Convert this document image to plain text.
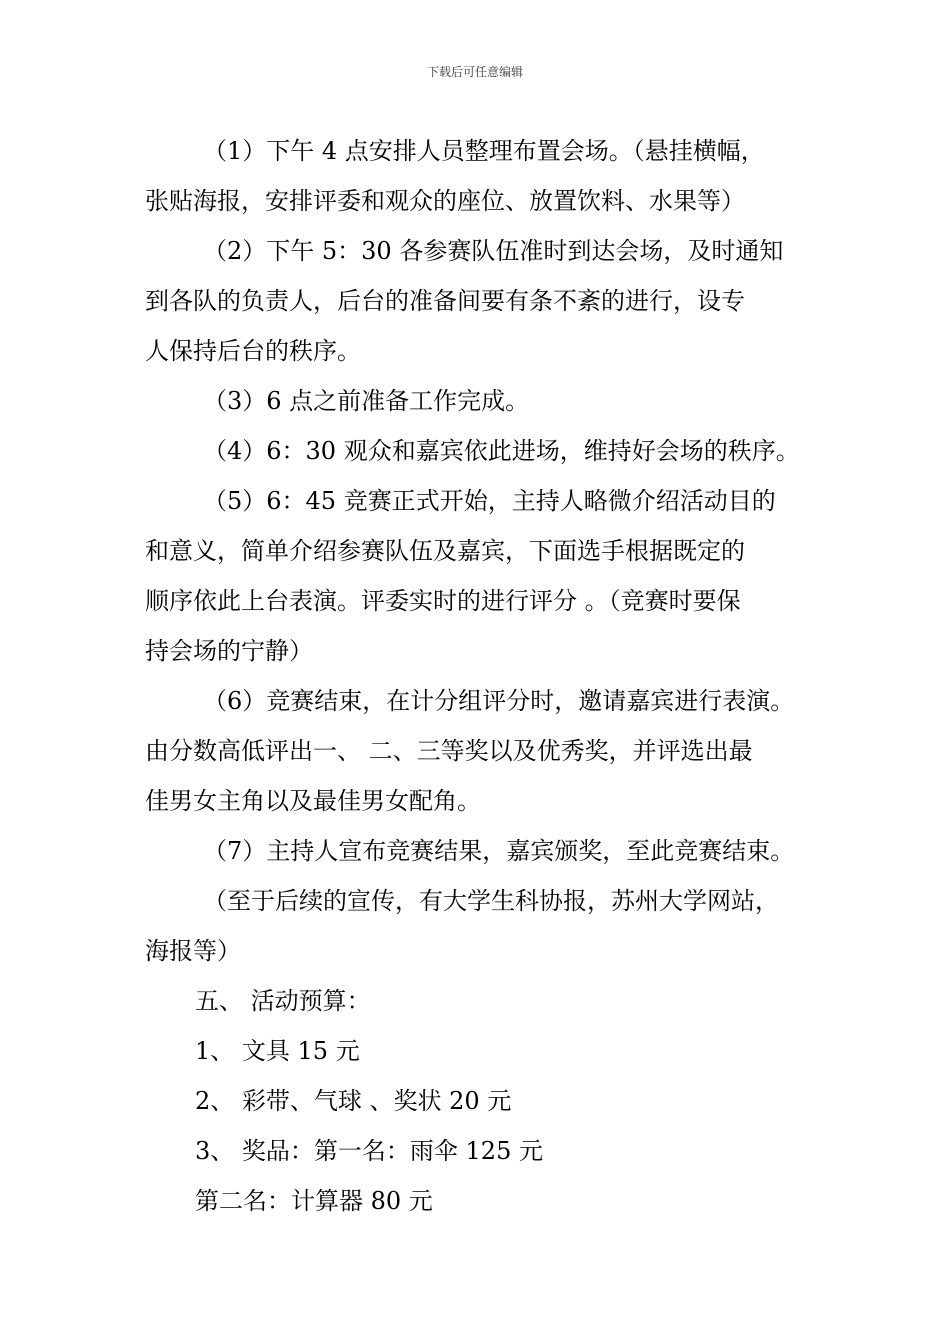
下载后可任意编辑

（1）下午 4 点安排人员整理布置会场。（悬挂横幅，

张贴海报，安排评委和观众的座位、放置饮料、水果等）

（2）下午 5：30 各参赛队伍准时到达会场，及时通知

到各队的负责人，后台的准备间要有条不紊的进行，设专

人保持后台的秩序。

（3）6 点之前准备工作完成。

（4）6：30 观众和嘉宾依此进场，维持好会场的秩序。

（5）6：45 竞赛正式开始，主持人略微介绍活动目的

和意义，简单介绍参赛队伍及嘉宾，下面选手根据既定的

顺序依此上台表演。评委实时的进行评分 。（竞赛时要保

持会场的宁静）

（6）竞赛结束，在计分组评分时，邀请嘉宾进行表演。

由分数高低评出一、 二、三等奖以及优秀奖，并评选出最

佳男女主角以及最佳男女配角。

（7）主持人宣布竞赛结果，嘉宾颁奖，至此竞赛结束。

（至于后续的宣传，有大学生科协报，苏州大学网站，

海报等）

五、 活动预算：

1、 文具 15 元

2、 彩带、气球 、奖状 20 元

3、 奖品：第一名：雨伞 125 元

第二名：计算器 80 元
